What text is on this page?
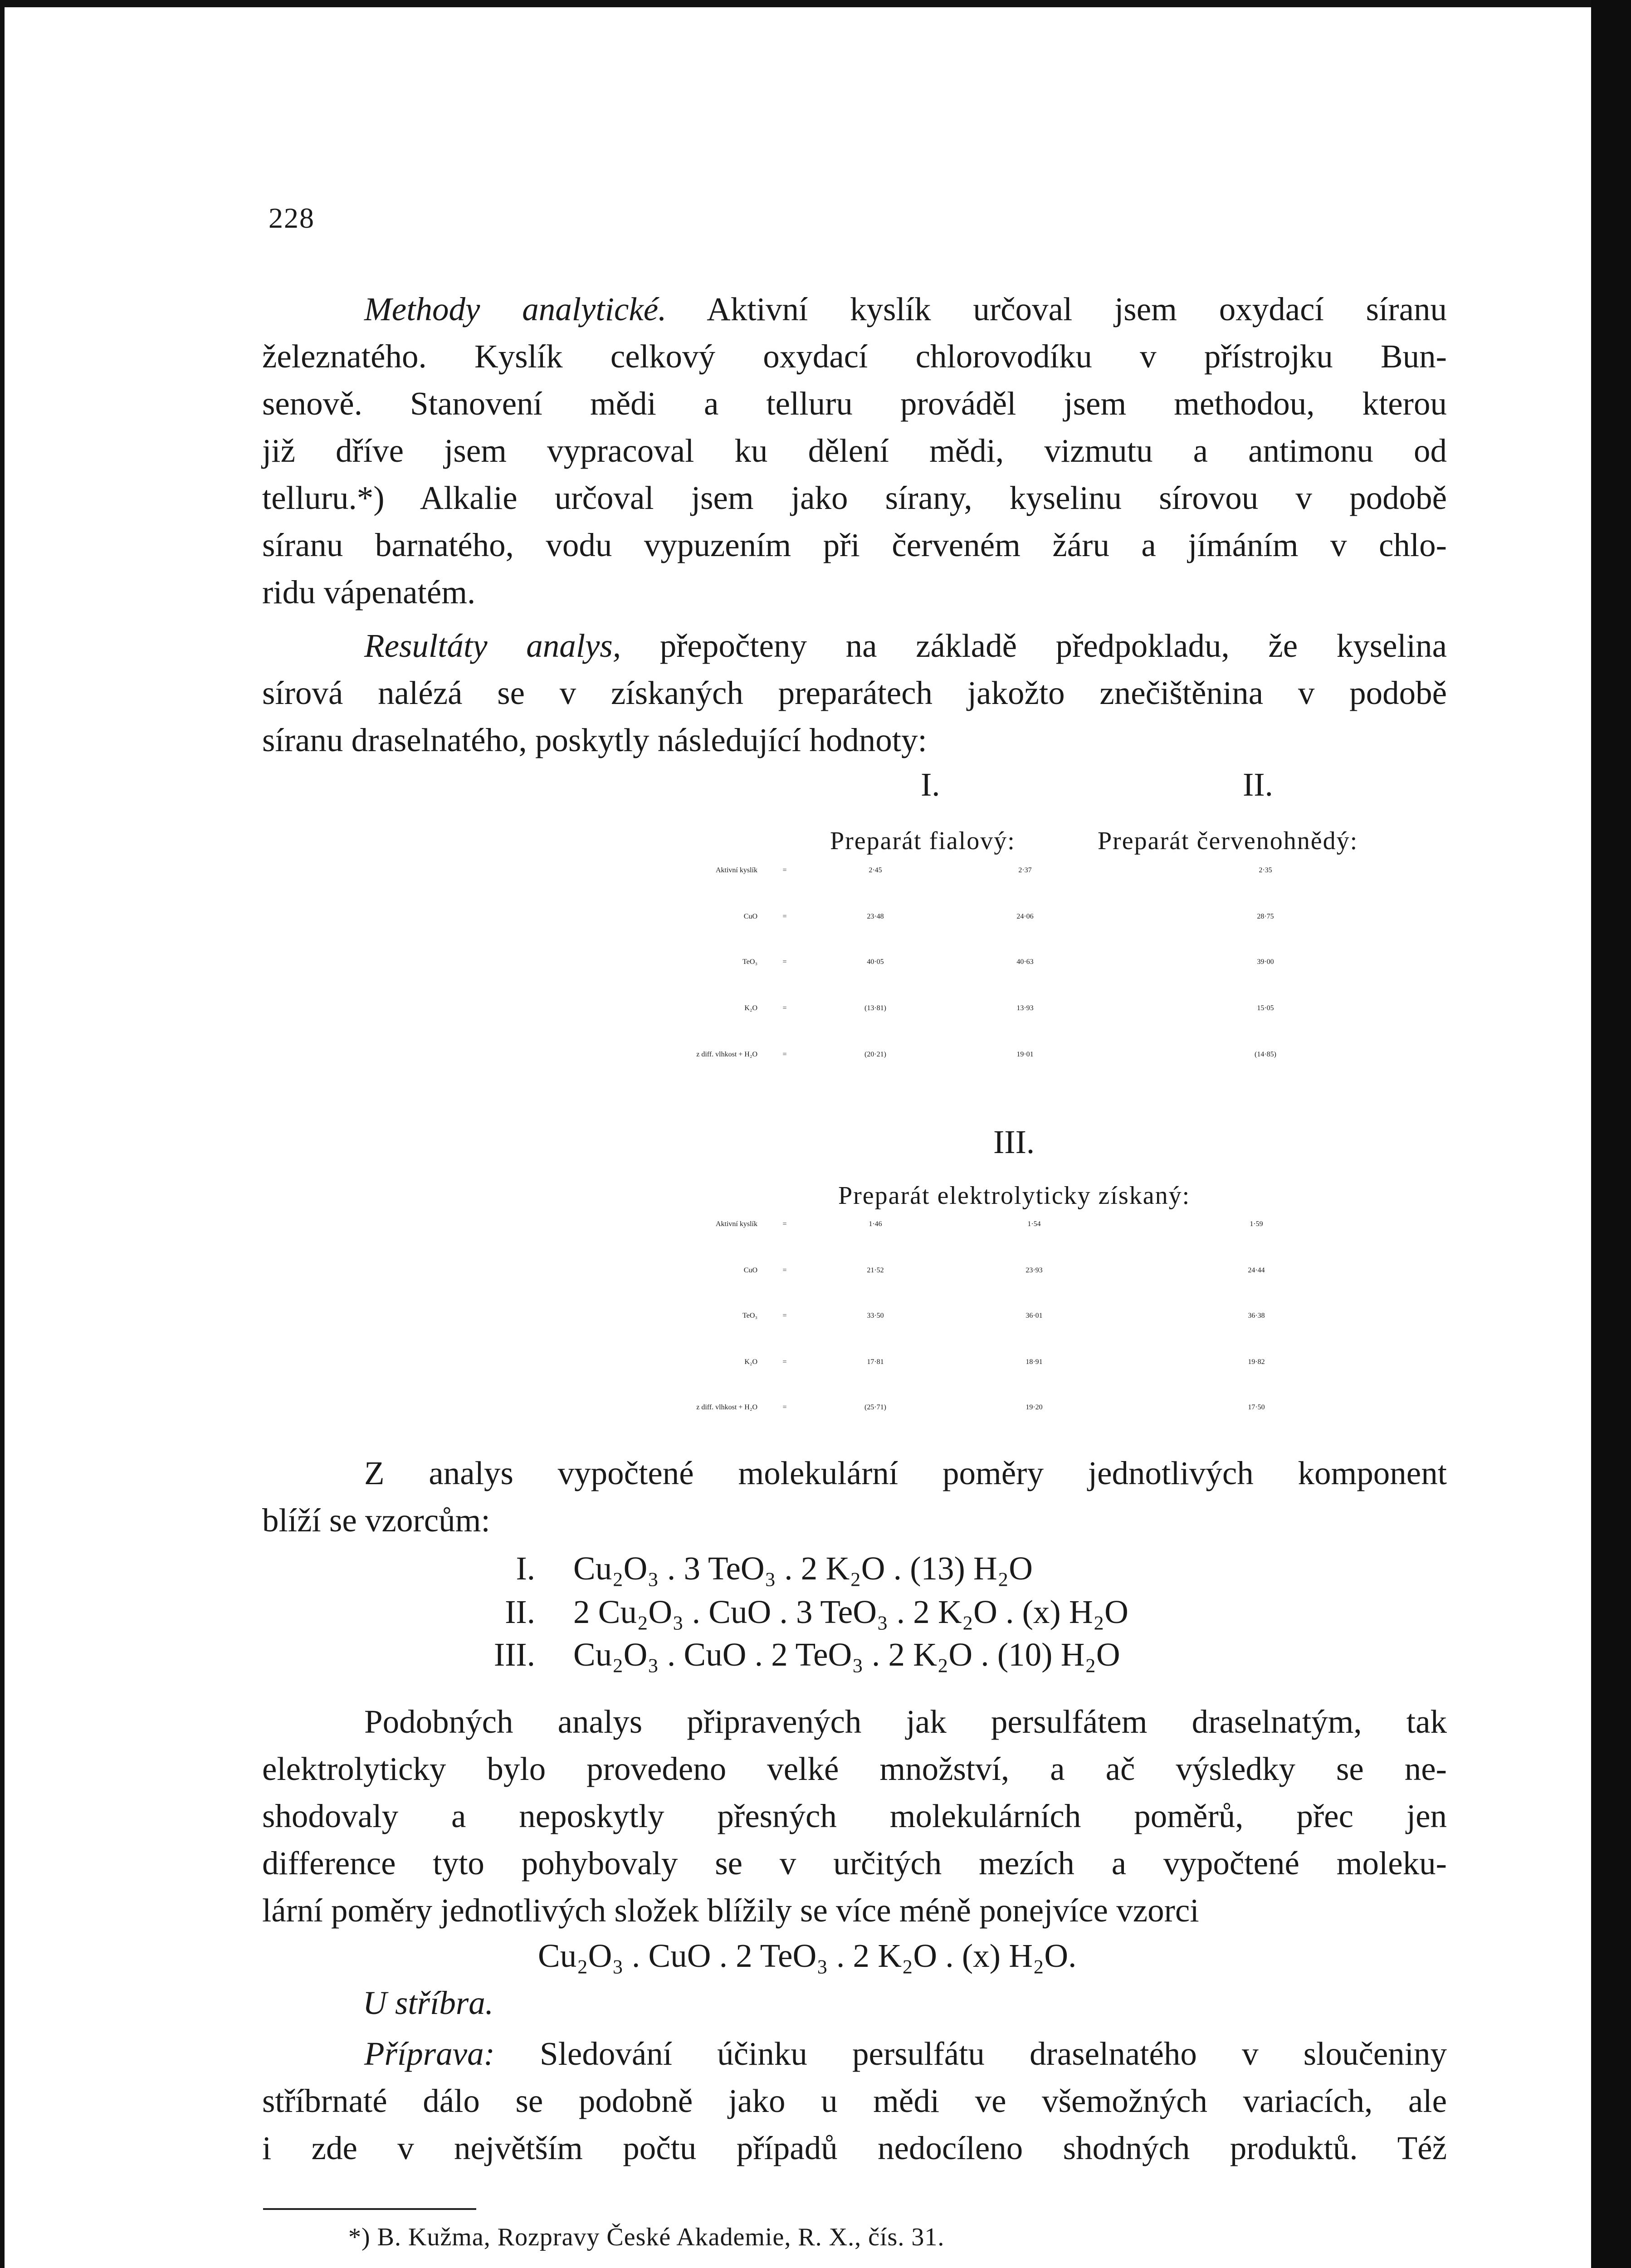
228
Methody analytické. Aktivní kyslík určoval jsem oxydací síranu
železnatého. Kyslík celkový oxydací chlorovodíku v přístrojku Bun-
senově. Stanovení mědi a telluru prováděl jsem methodou, kterou
již dříve jsem vypracoval ku dělení mědi, vizmutu a antimonu od
telluru.*) Alkalie určoval jsem jako sírany, kyselinu sírovou v podobě
síranu barnatého, vodu vypuzením při červeném žáru a jímáním v chlo-
ridu vápenatém.
Resultáty analys, přepočteny na základě předpokladu, že kyselina
sírová nalézá se v získaných preparátech jakožto znečištěnina v podobě
síranu draselnatého, poskytly následující hodnoty:
I.	II.
Preparát fialový:	Preparát červenohnědý:
Aktivní kyslík	=	2·45	2·37	2·35
CuO	=	23·48	24·06	28·75
TeO₃	=	40·05	40·63	39·00
K₂O	=	(13·81)	13·93	15·05
z diff. vlhkost + H₂O	=	(20·21)	19·01	(14·85)
III.
Preparát elektrolyticky získaný:
Aktivní kyslík	=	1·46	1·54	1·59
CuO	=	21·52	23·93	24·44
TeO₃	=	33·50	36·01	36·38
K₂O	=	17·81	18·91	19·82
z diff. vlhkost + H₂O	=	(25·71)	19·20	17·50
Z analys vypočtené molekulární poměry jednotlivých komponent
blíží se vzorcům:
I. Cu₂O₃ . 3 TeO₃ . 2 K₂O . (13) H₂O
II. 2 Cu₂O₃ . CuO . 3 TeO₃ . 2 K₂O . (x) H₂O
III. Cu₂O₃ . CuO . 2 TeO₃ . 2 K₂O . (10) H₂O
Podobných analys připravených jak persulfátem draselnatým, tak
elektrolyticky bylo provedeno velké množství, a ač výsledky se ne-
shodovaly a neposkytly přesných molekulárních poměrů, přec jen
difference tyto pohybovaly se v určitých mezích a vypočtené moleku-
lární poměry jednotlivých složek blížily se více méně ponejvíce vzorci
Cu₂O₃ . CuO . 2 TeO₃ . 2 K₂O . (x) H₂O.
U stříbra.
Příprava: Sledování účinku persulfátu draselnatého v sloučeniny
stříbrnaté dálo se podobně jako u mědi ve všemožných variacích, ale
i zde v největším počtu případů nedocíleno shodných produktů. Též
*) B. Kužma, Rozpravy České Akademie, R. X., čís. 31.
